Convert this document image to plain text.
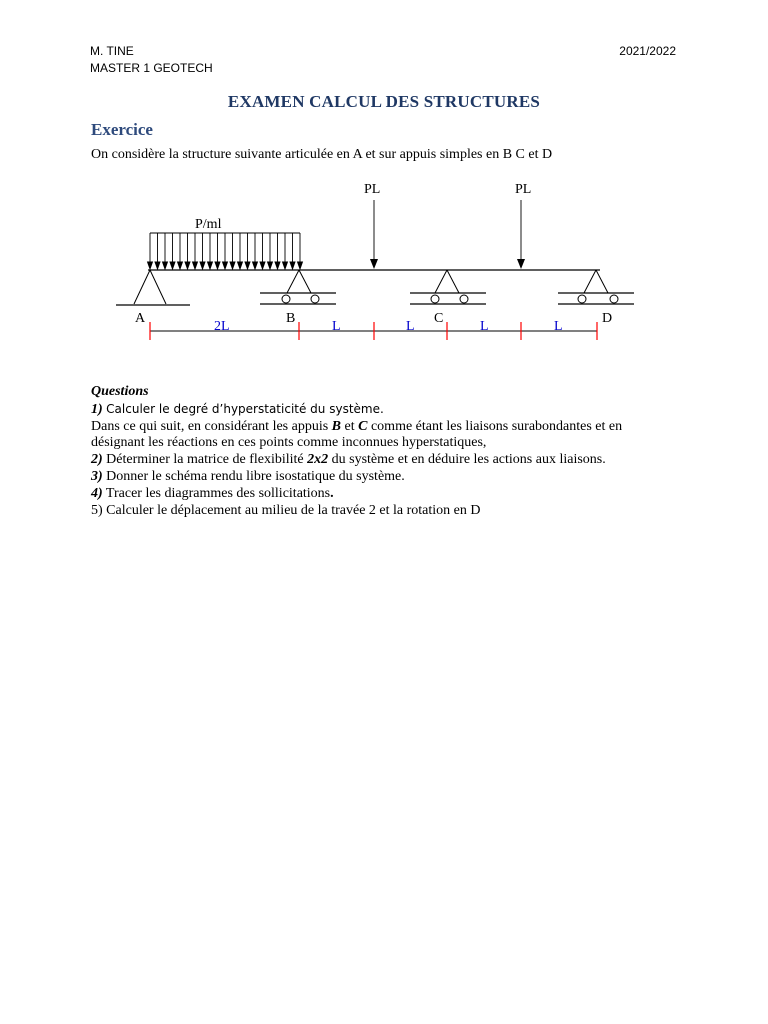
M. TINE
MASTER 1 GEOTECH
2021/2022
EXAMEN CALCUL DES STRUCTURES
Exercice
On considère la structure suivante articulée en A et sur appuis simples en B C et D
P/ml
PL	PL
A	B	C	D
2L	L	L	L	L
Questions
1) Calculer le degré d’hyperstaticité du système.
Dans ce qui suit, en considérant les appuis B et C comme étant les liaisons surabondantes et en
désignant les réactions en ces points comme inconnues hyperstatiques,
2) Déterminer la matrice de flexibilité 2x2 du système et en déduire les actions aux liaisons.
3) Donner le schéma rendu libre isostatique du système.
4) Tracer les diagrammes des sollicitations.
5) Calculer le déplacement au milieu de la travée 2 et la rotation en D
